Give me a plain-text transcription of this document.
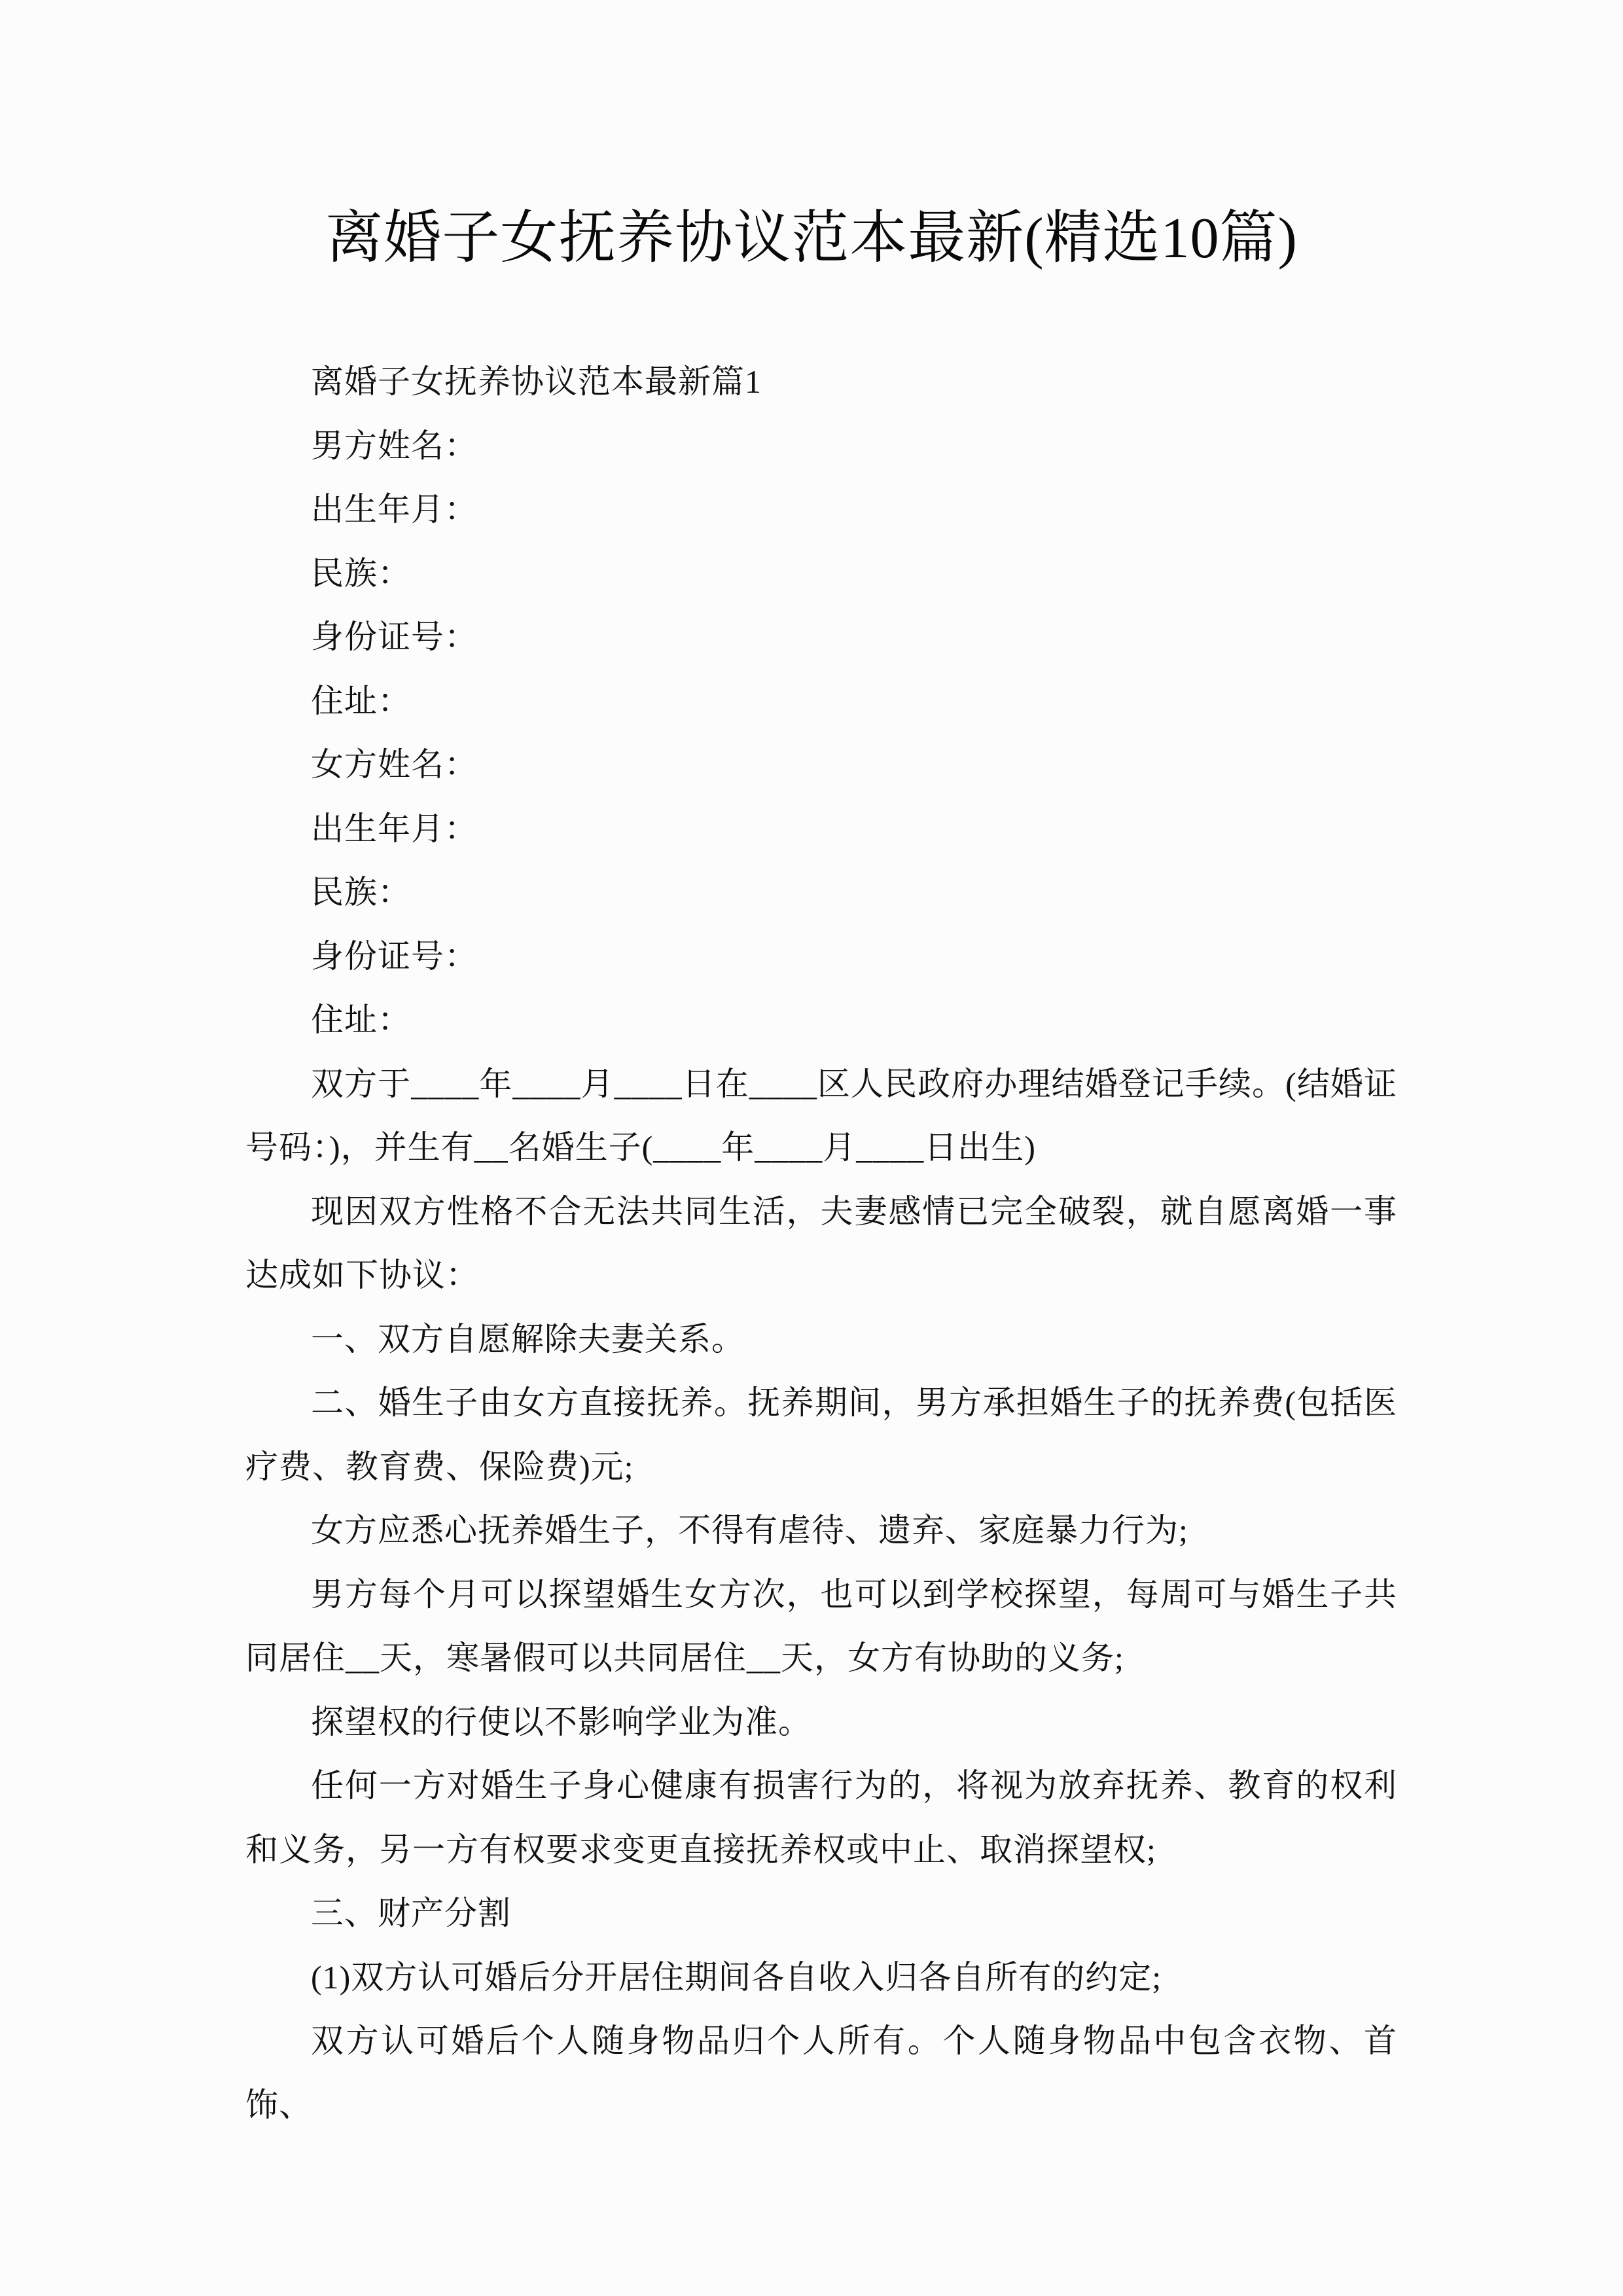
离婚子女抚养协议范本最新(精选10篇)

离婚子女抚养协议范本最新篇1

男方姓名：

出生年月：

民族：

身份证号：

住址：

女方姓名：

出生年月：

民族：

身份证号：

住址：

双方于____年____月____日在____区人民政府办理结婚登记手续。(结婚证号码：)，并生有__名婚生子(____年____月____日出生)

现因双方性格不合无法共同生活，夫妻感情已完全破裂，就自愿离婚一事达成如下协议：

一、双方自愿解除夫妻关系。

二、婚生子由女方直接抚养。抚养期间，男方承担婚生子的抚养费(包括医疗费、教育费、保险费)元;

女方应悉心抚养婚生子，不得有虐待、遗弃、家庭暴力行为;

男方每个月可以探望婚生女方次，也可以到学校探望，每周可与婚生子共同居住__天，寒暑假可以共同居住__天，女方有协助的义务;

探望权的行使以不影响学业为准。

任何一方对婚生子身心健康有损害行为的，将视为放弃抚养、教育的权利和义务，另一方有权要求变更直接抚养权或中止、取消探望权;

三、财产分割

(1)双方认可婚后分开居住期间各自收入归各自所有的约定;

双方认可婚后个人随身物品归个人所有。个人随身物品中包含衣物、首饰、
